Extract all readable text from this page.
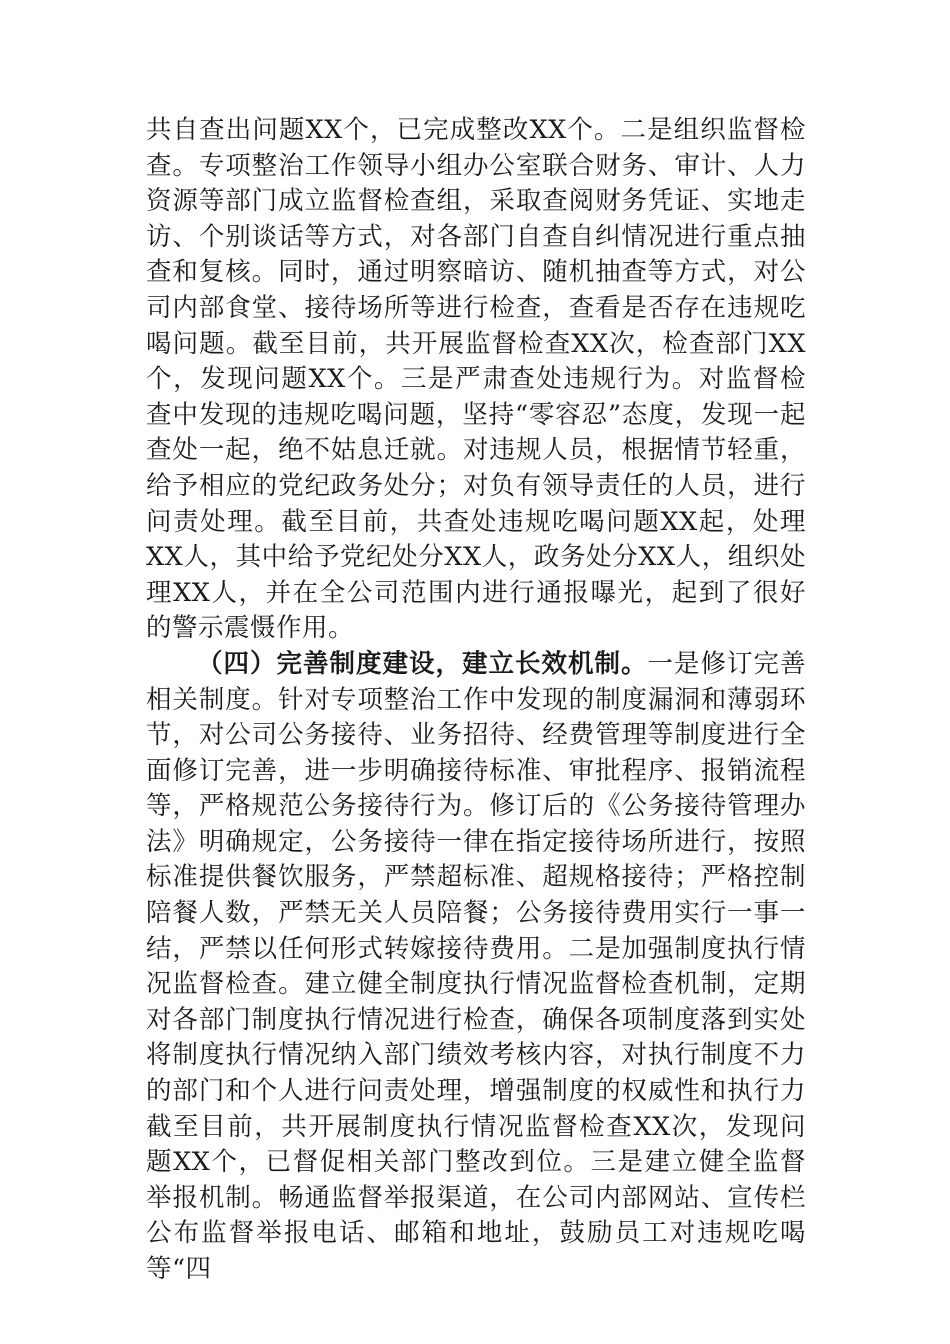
共自查出问题XX个，已完成整改XX个。二是组织监督检查。专项整治工作领导小组办公室联合财务、审计、人力资源等部门成立监督检查组，采取查阅财务凭证、实地走访、个别谈话等方式，对各部门自查自纠情况进行重点抽查和复核。同时，通过明察暗访、随机抽查等方式，对公司内部食堂、接待场所等进行检查，查看是否存在违规吃喝问题。截至目前，共开展监督检查XX次，检查部门XX个，发现问题XX个。三是严肃查处违规行为。对监督检查中发现的违规吃喝问题，坚持“零容忍”态度，发现一起查处一起，绝不姑息迁就。对违规人员，根据情节轻重，给予相应的党纪政务处分；对负有领导责任的人员，进行问责处理。截至目前，共查处违规吃喝问题XX起，处理XX人，其中给予党纪处分XX人，政务处分XX人，组织处理XX人，并在全公司范围内进行通报曝光，起到了很好的警示震慑作用。

（四）完善制度建设，建立长效机制。一是修订完善相关制度。针对专项整治工作中发现的制度漏洞和薄弱环节，对公司公务接待、业务招待、经费管理等制度进行全面修订完善，进一步明确接待标准、审批程序、报销流程等，严格规范公务接待行为。修订后的《公务接待管理办法》明确规定，公务接待一律在指定接待场所进行，按照标准提供餐饮服务，严禁超标准、超规格接待；严格控制陪餐人数，严禁无关人员陪餐；公务接待费用实行一事一结，严禁以任何形式转嫁接待费用。二是加强制度执行情况监督检查。建立健全制度执行情况监督检查机制，定期对各部门制度执行情况进行检查，确保各项制度落到实处将制度执行情况纳入部门绩效考核内容，对执行制度不力的部门和个人进行问责处理，增强制度的权威性和执行力截至目前，共开展制度执行情况监督检查XX次，发现问题XX个，已督促相关部门整改到位。三是建立健全监督举报机制。畅通监督举报渠道，在公司内部网站、宣传栏公布监督举报电话、邮箱和地址，鼓励员工对违规吃喝等“四
